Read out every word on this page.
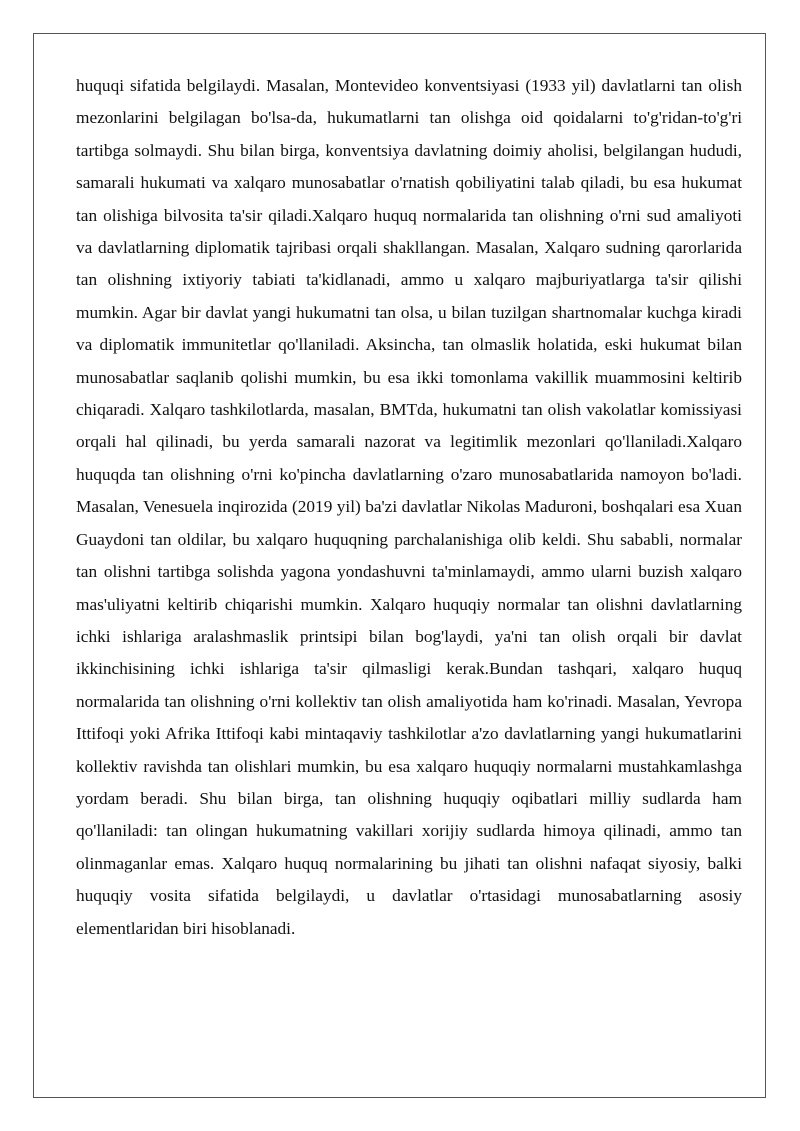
huquqi sifatida belgilaydi. Masalan, Montevideo konventsiyasi (1933 yil) davlatlarni tan olish mezonlarini belgilagan bo'lsa-da, hukumatlarni tan olishga oid qoidalarni to'g'ridan-to'g'ri tartibga solmaydi. Shu bilan birga, konventsiya davlatning doimiy aholisi, belgilangan hududi, samarali hukumati va xalqaro munosabatlar o'rnatish qobiliyatini talab qiladi, bu esa hukumat tan olishiga bilvosita ta'sir qiladi.Xalqaro huquq normalarida tan olishning o'rni sud amaliyoti va davlatlarning diplomatik tajribasi orqali shakllangan. Masalan, Xalqaro sudning qarorlarida tan olishning ixtiyoriy tabiati ta'kidlanadi, ammo u xalqaro majburiyatlarga ta'sir qilishi mumkin. Agar bir davlat yangi hukumatni tan olsa, u bilan tuzilgan shartnomalar kuchga kiradi va diplomatik immunitetlar qo'llaniladi. Aksincha, tan olmaslik holatida, eski hukumat bilan munosabatlar saqlanib qolishi mumkin, bu esa ikki tomonlama vakillik muammosini keltirib chiqaradi. Xalqaro tashkilotlarda, masalan, BMTda, hukumatni tan olish vakolatlar komissiyasi orqali hal qilinadi, bu yerda samarali nazorat va legitimlik mezonlari qo'llaniladi.Xalqaro huquqda tan olishning o'rni ko'pincha davlatlarning o'zaro munosabatlarida namoyon bo'ladi. Masalan, Venesuela inqirozida (2019 yil) ba'zi davlatlar Nikolas Maduroni, boshqalari esa Xuan Guaydoni tan oldilar, bu xalqaro huquqning parchalanishiga olib keldi. Shu sababli, normalar tan olishni tartibga solishda yagona yondashuvni ta'minlamaydi, ammo ularni buzish xalqaro mas'uliyatni keltirib chiqarishi mumkin. Xalqaro huquqiy normalar tan olishni davlatlarning ichki ishlariga aralashmaslik printsipi bilan bog'laydi, ya'ni tan olish orqali bir davlat ikkinchisining ichki ishlariga ta'sir qilmasligi kerak.Bundan tashqari, xalqaro huquq normalarida tan olishning o'rni kollektiv tan olish amaliyotida ham ko'rinadi. Masalan, Yevropa Ittifoqi yoki Afrika Ittifoqi kabi mintaqaviy tashkilotlar a'zo davlatlarning yangi hukumatlarini kollektiv ravishda tan olishlari mumkin, bu esa xalqaro huquqiy normalarni mustahkamlashga yordam beradi. Shu bilan birga, tan olishning huquqiy oqibatlari milliy sudlarda ham qo'llaniladi: tan olingan hukumatning vakillari xorijiy sudlarda himoya qilinadi, ammo tan olinmaganlar emas. Xalqaro huquq normalarining bu jihati tan olishni nafaqat siyosiy, balki huquqiy vosita sifatida belgilaydi, u davlatlar o'rtasidagi munosabatlarning asosiy elementlaridan biri hisoblanadi.
